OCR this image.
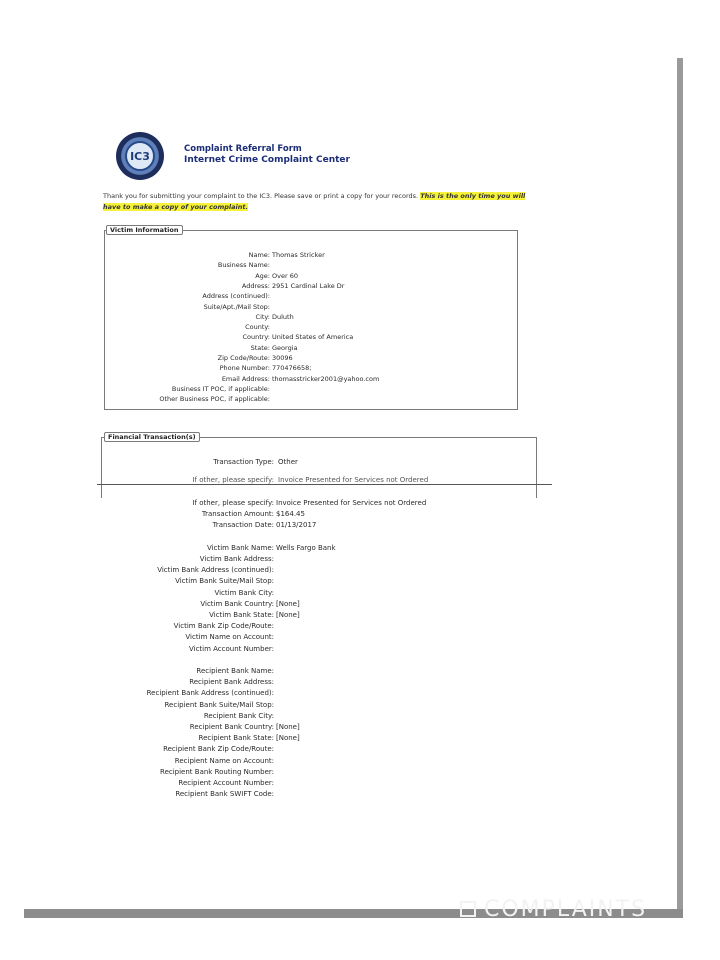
COMPLAINTS
IC3
Complaint Referral Form
Internet Crime Complaint Center
Thank you for submitting your complaint to the IC3. Please save or print a copy for your records. This is the only time you will have to make a copy of your complaint.
Victim Information
Name: Thomas Stricker
Business Name:
Age: Over 60
Address: 2951 Cardinal Lake Dr
Address (continued):
Suite/Apt./Mail Stop:
City: Duluth
County:
Country: United States of America
State: Georgia
Zip Code/Route: 30096
Phone Number: 770476658;
Email Address: thomasstricker2001@yahoo.com
Business IT POC, if applicable:
Other Business POC, if applicable:
Financial Transaction(s)
Transaction Type: Other
If other, please specify: Invoice Presented for Services not Ordered
If other, please specify: Invoice Presented for Services not Ordered
Transaction Amount: $164.45
Transaction Date: 01/13/2017
Victim Bank Name: Wells Fargo Bank
Victim Bank Address:
Victim Bank Address (continued):
Victim Bank Suite/Mail Stop:
Victim Bank City:
Victim Bank Country: [None]
Victim Bank State: [None]
Victim Bank Zip Code/Route:
Victim Name on Account:
Victim Account Number:
Recipient Bank Name:
Recipient Bank Address:
Recipient Bank Address (continued):
Recipient Bank Suite/Mail Stop:
Recipient Bank City:
Recipient Bank Country: [None]
Recipient Bank State: [None]
Recipient Bank Zip Code/Route:
Recipient Name on Account:
Recipient Bank Routing Number:
Recipient Account Number:
Recipient Bank SWIFT Code:
